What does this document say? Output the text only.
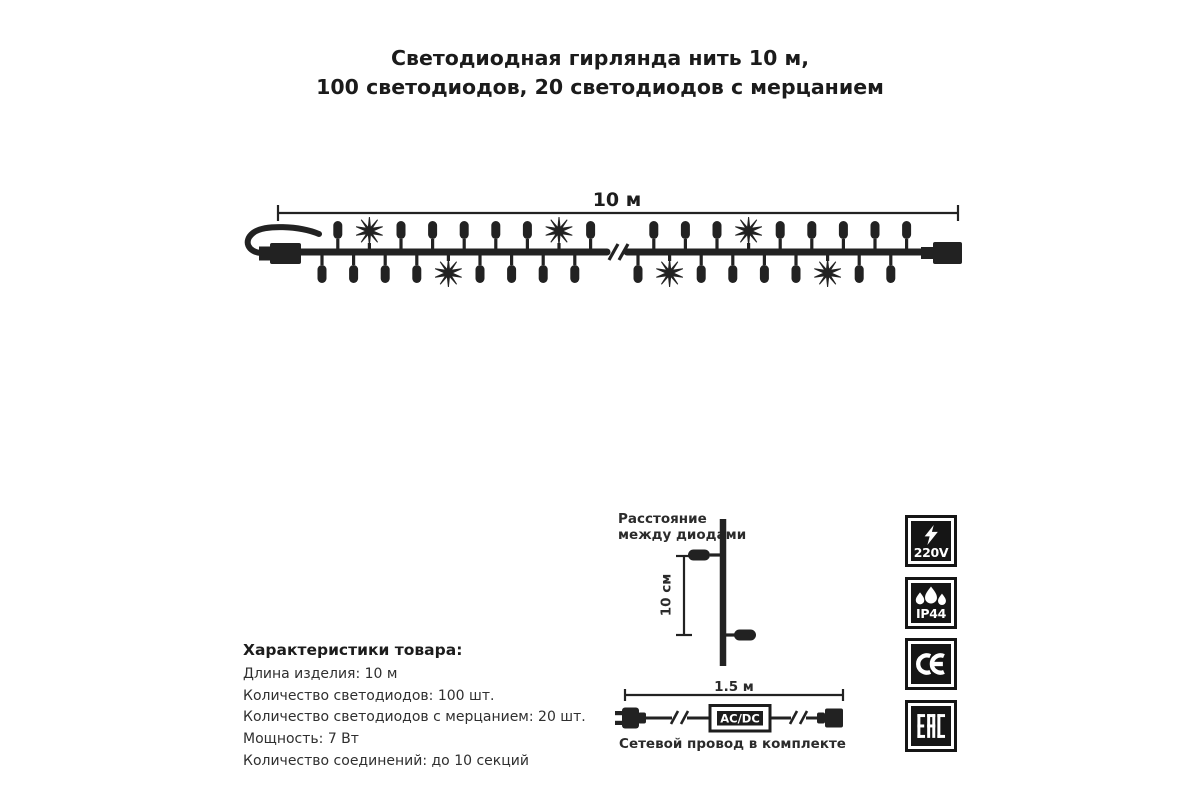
Светодиодная гирлянда нить 10 м,
100 светодиодов, 20 светодиодов с мерцанием
10 м

Характеристики товара:

Длина изделия: 10 м

Количество светодиодов: 100 шт.

Количество светодиодов с мерцанием: 20 шт.

Мощность: 7 Вт

Количество соединений: до 10 секций

Расстояние
между диодами
10 см
1.5 м
AC/DC
Сетевой провод в комплекте
220V
IP44
